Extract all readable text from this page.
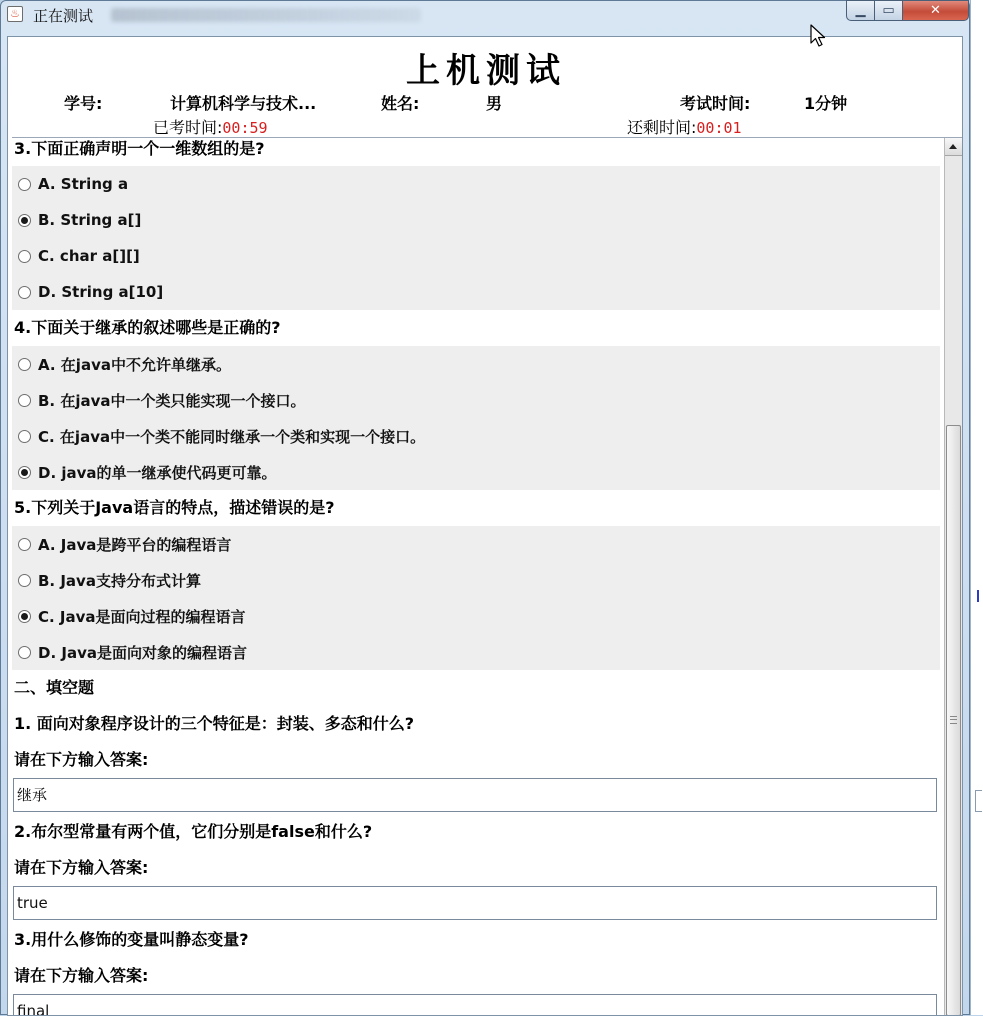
♨ 正在测试	▁ ▭	✕
上机测试
学号:	计算机科学与技术...	姓名:	男	考试时间:	1分钟
已考时间:00:59	还剩时间:00:01
3.下面正确声明一个一维数组的是?
A. String a
B. String a[]
C. char a[][]
D. String a[10]
4.下面关于继承的叙述哪些是正确的?
A. 在java中不允许单继承。
B. 在java中一个类只能实现一个接口。
C. 在java中一个类不能同时继承一个类和实现一个接口。
D. java的单一继承使代码更可靠。
5.下列关于Java语言的特点，描述错误的是?
A. Java是跨平台的编程语言
B. Java支持分布式计算
C. Java是面向过程的编程语言
D. Java是面向对象的编程语言
二、填空题
1. 面向对象程序设计的三个特征是：封装、多态和什么?
请在下方输入答案:
继承
2.布尔型常量有两个值，它们分别是false和什么?
请在下方输入答案:
true
3.用什么修饰的变量叫静态变量?
请在下方输入答案:
final
